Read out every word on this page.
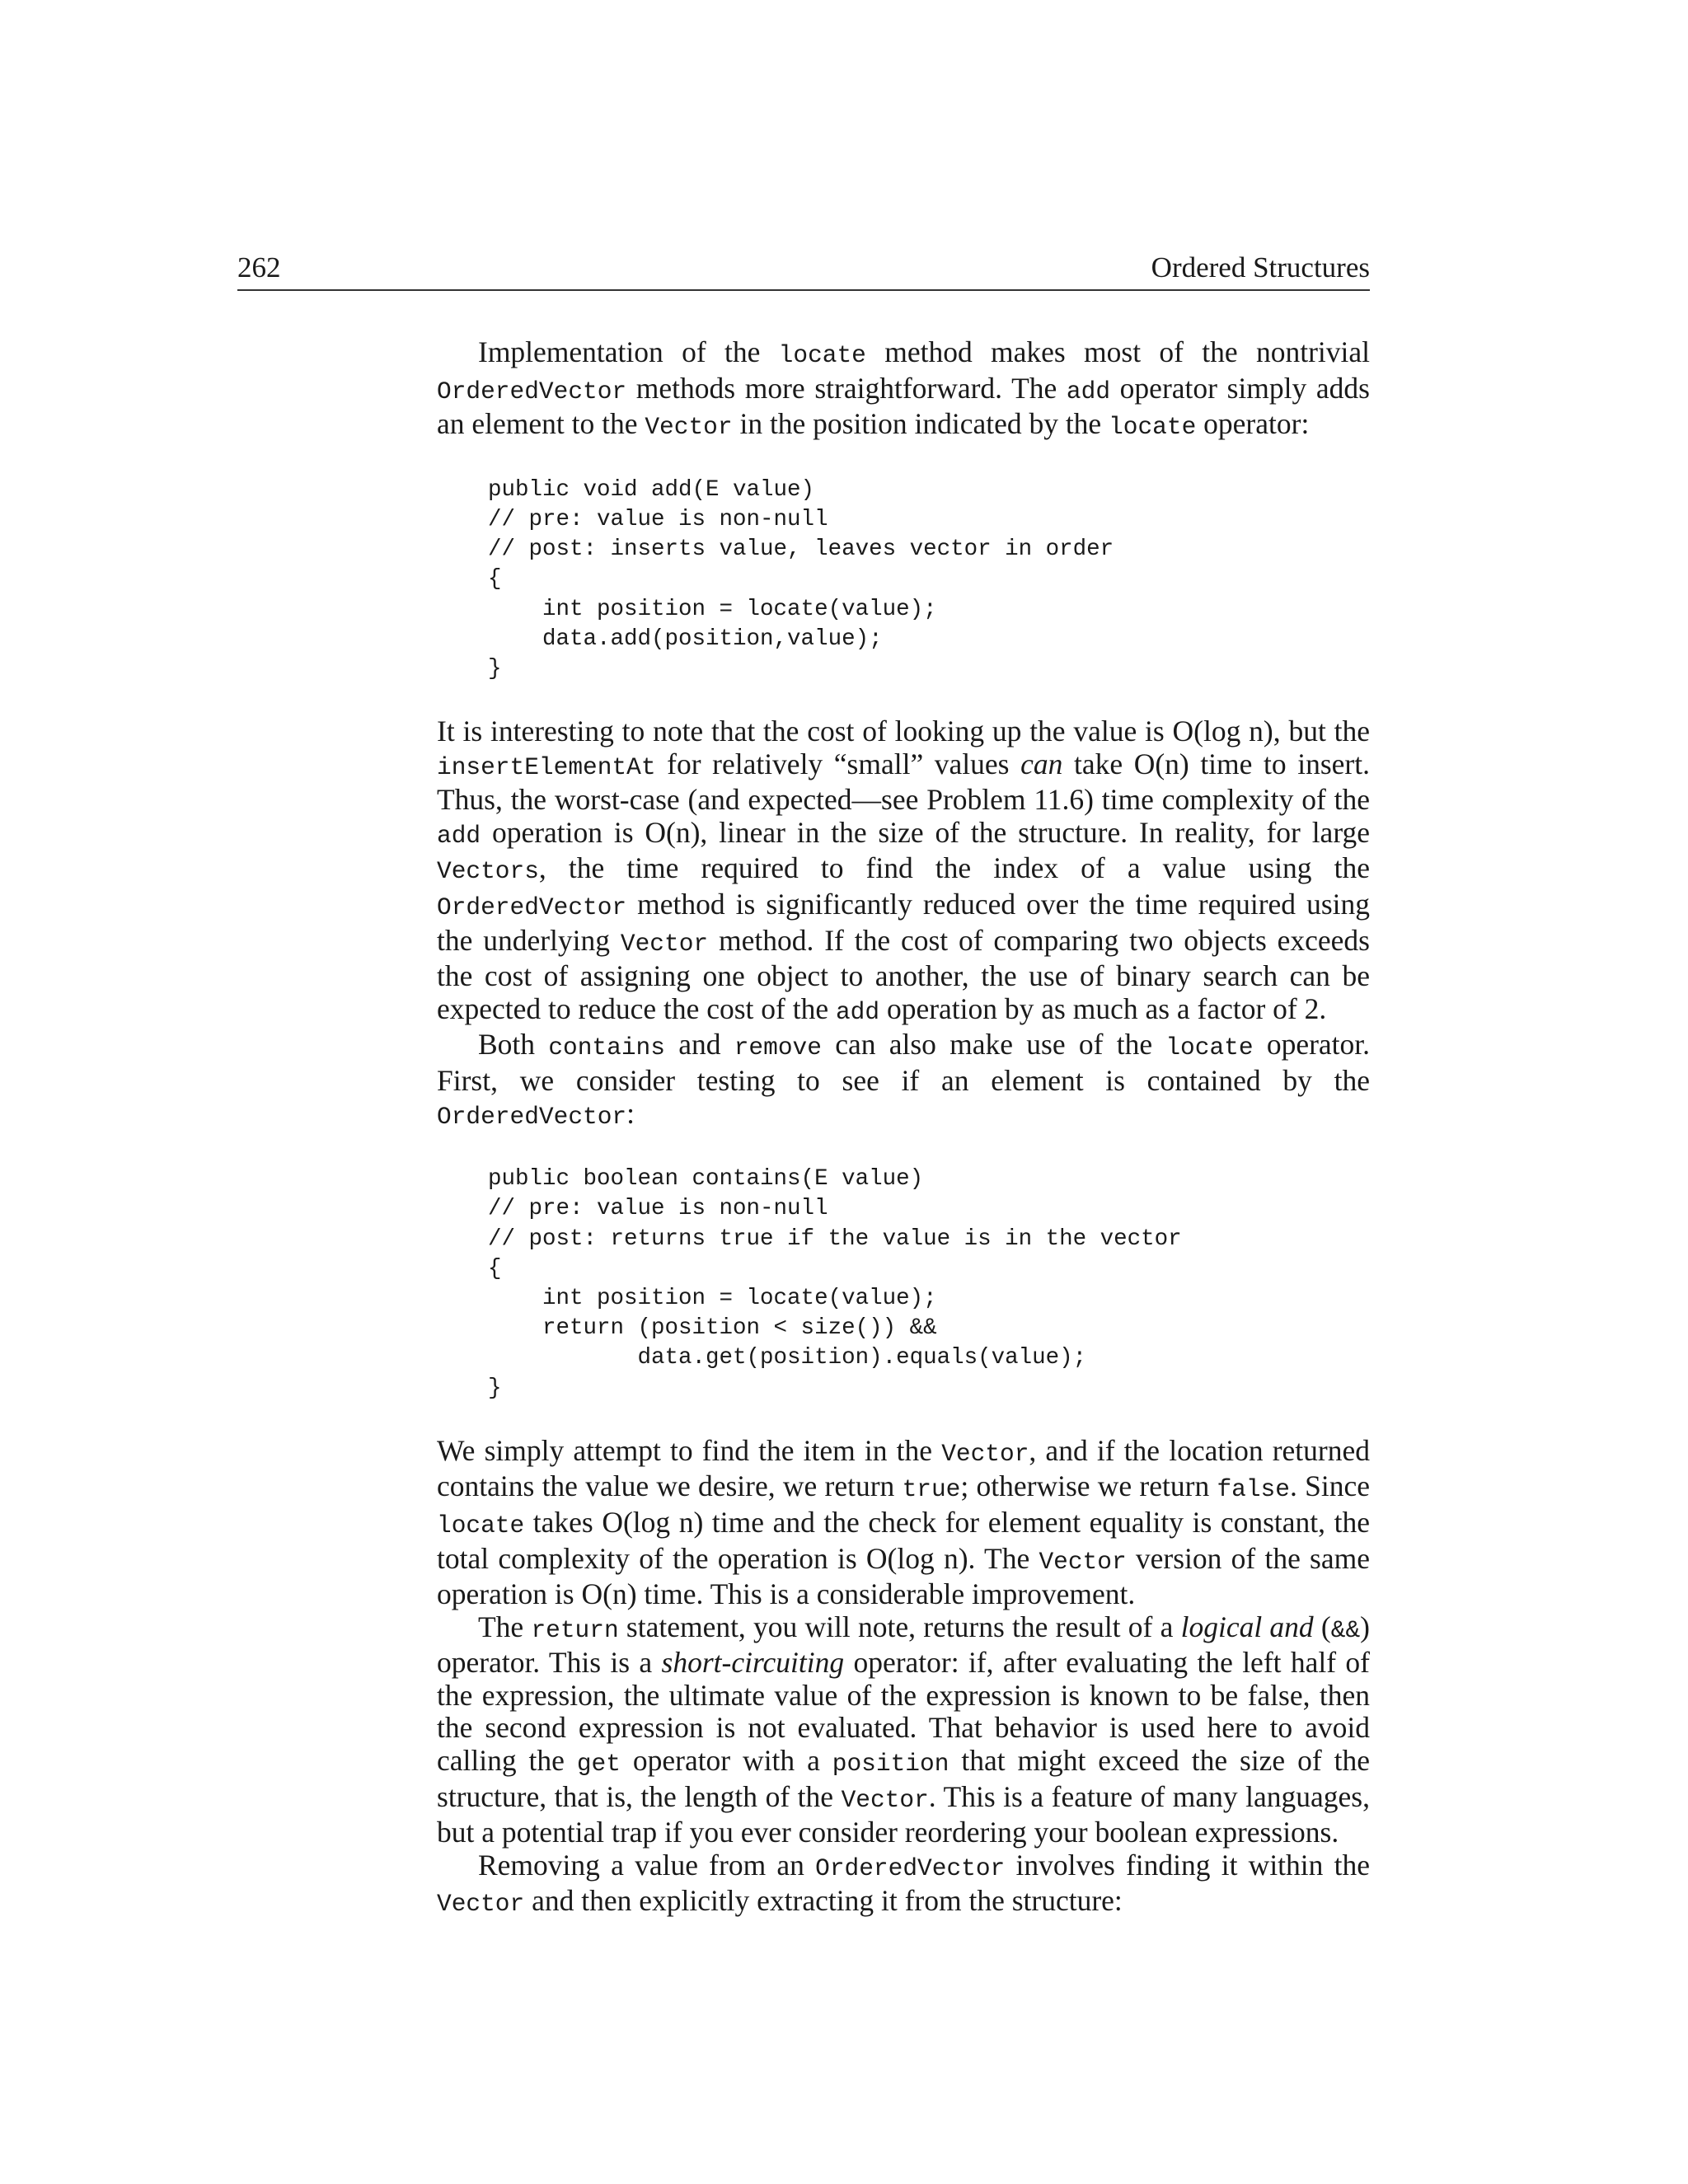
262	Ordered Structures

Implementation of the locate method makes most of the nontrivial OrderedVector methods more straightforward. The add operator simply adds an element to the Vector in the position indicated by the locate operator:

public void add(E value)
// pre: value is non-null
// post: inserts value, leaves vector in order
{
int position = locate(value);
data.add(position,value);
}

It is interesting to note that the cost of looking up the value is O(log n), but the insertElementAt for relatively “small” values can take O(n) time to insert. Thus, the worst-case (and expected—see Problem 11.6) time complexity of the add operation is O(n), linear in the size of the structure. In reality, for large Vectors, the time required to find the index of a value using the OrderedVector method is significantly reduced over the time required using the underlying Vector method. If the cost of comparing two objects exceeds the cost of assigning one object to another, the use of binary search can be expected to reduce the cost of the add operation by as much as a factor of 2.

Both contains and remove can also make use of the locate operator. First, we consider testing to see if an element is contained by the OrderedVector:

public boolean contains(E value)
// pre: value is non-null
// post: returns true if the value is in the vector
{
int position = locate(value);
return (position < size()) &&
data.get(position).equals(value);
}

We simply attempt to find the item in the Vector, and if the location returned contains the value we desire, we return true; otherwise we return false. Since locate takes O(log n) time and the check for element equality is constant, the total complexity of the operation is O(log n). The Vector version of the same operation is O(n) time. This is a considerable improvement.

The return statement, you will note, returns the result of a logical and (&&) operator. This is a short-circuiting operator: if, after evaluating the left half of the expression, the ultimate value of the expression is known to be false, then the second expression is not evaluated. That behavior is used here to avoid calling the get operator with a position that might exceed the size of the structure, that is, the length of the Vector. This is a feature of many languages, but a potential trap if you ever consider reordering your boolean expressions.

Removing a value from an OrderedVector involves finding it within the Vector and then explicitly extracting it from the structure:
